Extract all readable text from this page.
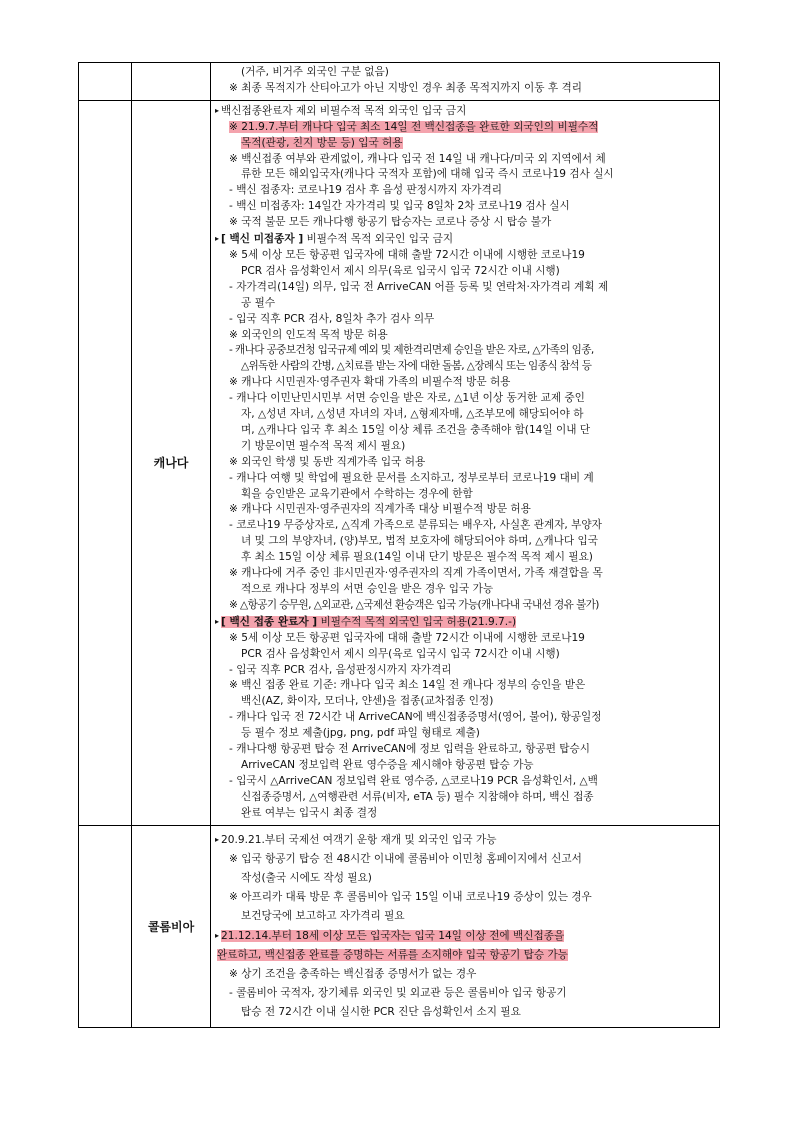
(거주, 비거주 외국인 구분 없음)
※ 최종 목적지가 산티아고가 아닌 지방인 경우 최종 목적지까지 이동 후 격리
캐나다
▸ 백신접종완료자 제외 비필수적 목적 외국인 입국 금지
※ 21.9.7.부터 캐나다 입국 최소 14일 전 백신접종을 완료한 외국인의 비필수적
목적(관광, 친지 방문 등) 입국 허용
※ 백신접종 여부와 관계없이, 캐나다 입국 전 14일 내 캐나다/미국 외 지역에서 체
류한 모든 해외입국자(캐나다 국적자 포함)에 대해 입국 즉시 코로나19 검사 실시
- 백신 접종자: 코로나19 검사 후 음성 판정시까지 자가격리
- 백신 미접종자: 14일간 자가격리 및 입국 8일차 2차 코로나19 검사 실시
※ 국적 불문 모든 캐나다행 항공기 탑승자는 코로나 증상 시 탑승 불가
▸ [ 백신 미접종자 ] 비필수적 목적 외국인 입국 금지
※ 5세 이상 모든 항공편 입국자에 대해 출발 72시간 이내에 시행한 코로나19
PCR 검사 음성확인서 제시 의무(육로 입국시 입국 72시간 이내 시행)
- 자가격리(14일) 의무, 입국 전 ArriveCAN 어플 등록 및 연락처·자가격리 계획 제
공 필수
- 입국 직후 PCR 검사, 8일차 추가 검사 의무
※ 외국인의 인도적 목적 방문 허용
- 캐나다 공중보건청 입국규제 예외 및 제한격리면제 승인을 받은 자로, △가족의 임종,
△위독한 사람의 간병, △치료를 받는 자에 대한 돌봄, △장례식 또는 임종식 참석 등
※ 캐나다 시민권자·영주권자 확대 가족의 비필수적 방문 허용
- 캐나다 이민난민시민부 서면 승인을 받은 자로, △1년 이상 동거한 교제 중인
자, △성년 자녀, △성년 자녀의 자녀, △형제자매, △조부모에 해당되어야 하
며, △캐나다 입국 후 최소 15일 이상 체류 조건을 충족해야 함(14일 이내 단
기 방문이면 필수적 목적 제시 필요)
※ 외국인 학생 및 동반 직계가족 입국 허용
- 캐나다 여행 및 학업에 필요한 문서를 소지하고, 정부로부터 코로나19 대비 계
획을 승인받은 교육기관에서 수학하는 경우에 한함
※ 캐나다 시민권자·영주권자의 직계가족 대상 비필수적 방문 허용
- 코로나19 무증상자로, △직계 가족으로 분류되는 배우자, 사실혼 관계자, 부양자
녀 및 그의 부양자녀, (양)부모, 법적 보호자에 해당되어야 하며, △캐나다 입국
후 최소 15일 이상 체류 필요(14일 이내 단기 방문은 필수적 목적 제시 필요)
※ 캐나다에 거주 중인 非시민권자·영주권자의 직계 가족이면서, 가족 재결합을 목
적으로 캐나다 정부의 서면 승인을 받은 경우 입국 가능
※ △항공기 승무원, △외교관, △국제선 환승객은 입국 가능(캐나다내 국내선 경유 불가)
▸ [ 백신 접종 완료자 ] 비필수적 목적 외국인 입국 허용(21.9.7.-)
※ 5세 이상 모든 항공편 입국자에 대해 출발 72시간 이내에 시행한 코로나19
PCR 검사 음성확인서 제시 의무(육로 입국시 입국 72시간 이내 시행)
- 입국 직후 PCR 검사, 음성판정시까지 자가격리
※ 백신 접종 완료 기준: 캐나다 입국 최소 14일 전 캐나다 정부의 승인을 받은
백신(AZ, 화이자, 모더나, 얀센)을 접종(교차접종 인정)
- 캐나다 입국 전 72시간 내 ArriveCAN에 백신접종증명서(영어, 불어), 항공일정
등 필수 정보 제출(jpg, png, pdf 파일 형태로 제출)
- 캐나다행 항공편 탑승 전 ArriveCAN에 정보 입력을 완료하고, 항공편 탑승시
ArriveCAN 정보입력 완료 영수증을 제시해야 항공편 탑승 가능
- 입국시 △ArriveCAN 정보입력 완료 영수증, △코로나19 PCR 음성확인서, △백
신접종증명서, △여행관련 서류(비자, eTA 등) 필수 지참해야 하며, 백신 접종
완료 여부는 입국시 최종 결정
콜롬비아
▸ 20.9.21.부터 국제선 여객기 운항 재개 및 외국인 입국 가능
※ 입국 항공기 탑승 전 48시간 이내에 콜롬비아 이민청 홈페이지에서 신고서
작성(출국 시에도 작성 필요)
※ 아프리카 대륙 방문 후 콜롬비아 입국 15일 이내 코로나19 증상이 있는 경우
보건당국에 보고하고 자가격리 필요
▸ 21.12.14.부터 18세 이상 모든 입국자는 입국 14일 이상 전에 백신접종을
완료하고, 백신접종 완료를 증명하는 서류를 소지해야 입국 항공기 탑승 가능
※ 상기 조건을 충족하는 백신접종 증명서가 없는 경우
- 콜롬비아 국적자, 장기체류 외국인 및 외교관 등은 콜롬비아 입국 항공기
탑승 전 72시간 이내 실시한 PCR 진단 음성확인서 소지 필요
